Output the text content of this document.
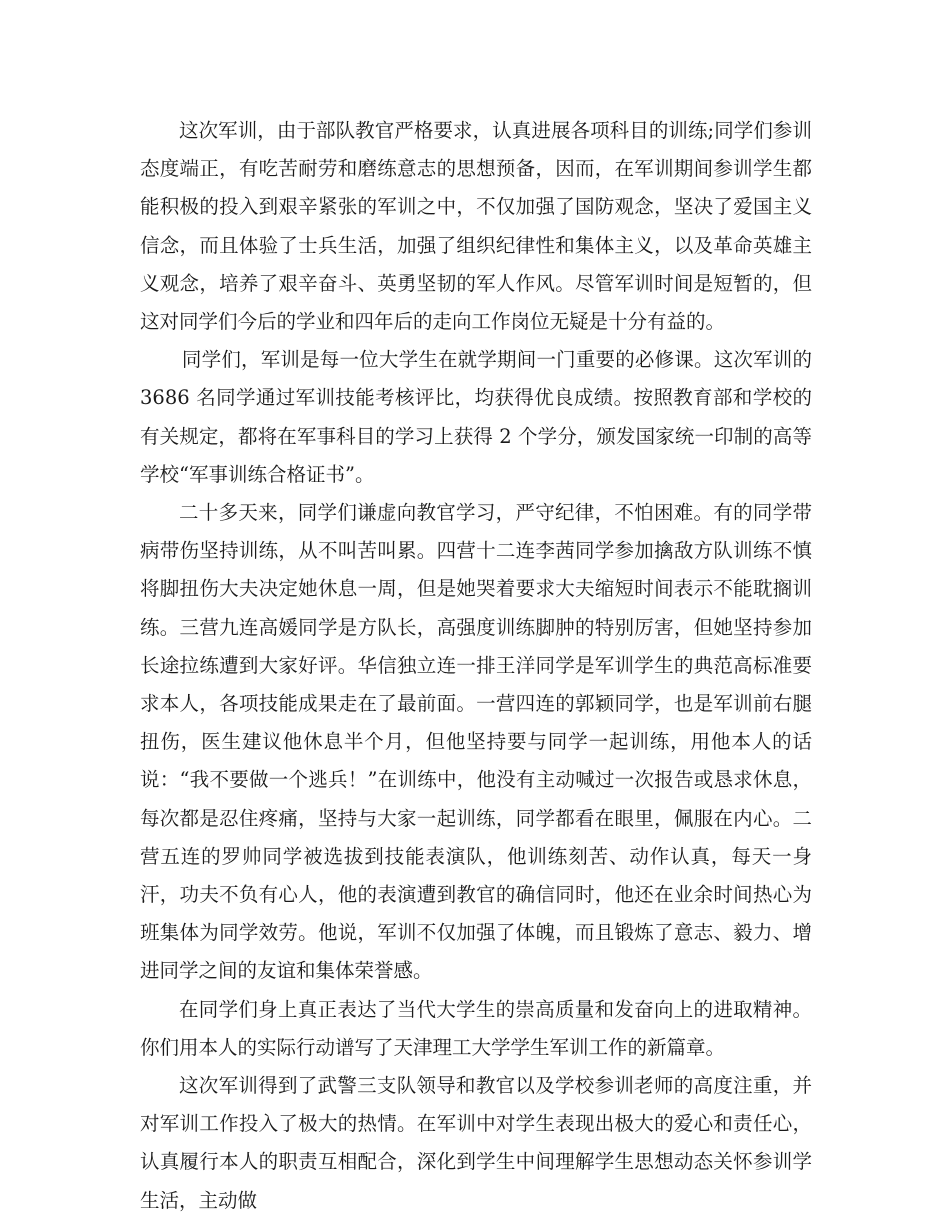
这次军训，由于部队教官严格要求，认真进展各项科目的训练;同学们参训态度端正，有吃苦耐劳和磨练意志的思想预备，因而，在军训期间参训学生都能积极的投入到艰辛紧张的军训之中，不仅加强了国防观念，坚决了爱国主义信念，而且体验了士兵生活，加强了组织纪律性和集体主义，以及革命英雄主义观念，培养了艰辛奋斗、英勇坚韧的军人作风。尽管军训时间是短暂的，但这对同学们今后的学业和四年后的走向工作岗位无疑是十分有益的。

同学们，军训是每一位大学生在就学期间一门重要的必修课。这次军训的 3686 名同学通过军训技能考核评比，均获得优良成绩。按照教育部和学校的有关规定，都将在军事科目的学习上获得 2 个学分，颁发国家统一印制的高等学校“军事训练合格证书”。

二十多天来，同学们谦虚向教官学习，严守纪律，不怕困难。有的同学带病带伤坚持训练，从不叫苦叫累。四营十二连李茜同学参加擒敌方队训练不慎将脚扭伤大夫决定她休息一周，但是她哭着要求大夫缩短时间表示不能耽搁训练。三营九连高媛同学是方队长，高强度训练脚肿的特别厉害，但她坚持参加长途拉练遭到大家好评。华信独立连一排王洋同学是军训学生的典范高标准要求本人，各项技能成果走在了最前面。一营四连的郭颖同学，也是军训前右腿扭伤，医生建议他休息半个月，但他坚持要与同学一起训练，用他本人的话说：“我不要做一个逃兵！”在训练中，他没有主动喊过一次报告或恳求休息，每次都是忍住疼痛，坚持与大家一起训练，同学都看在眼里，佩服在内心。二营五连的罗帅同学被选拔到技能表演队，他训练刻苦、动作认真，每天一身汗，功夫不负有心人，他的表演遭到教官的确信同时，他还在业余时间热心为班集体为同学效劳。他说，军训不仅加强了体魄，而且锻炼了意志、毅力、增进同学之间的友谊和集体荣誉感。

在同学们身上真正表达了当代大学生的崇高质量和发奋向上的进取精神。你们用本人的实际行动谱写了天津理工大学学生军训工作的新篇章。

这次军训得到了武警三支队领导和教官以及学校参训老师的高度注重，并对军训工作投入了极大的热情。在军训中对学生表现出极大的爱心和责任心，认真履行本人的职责互相配合，深化到学生中间理解学生思想动态关怀参训学生活，主动做
